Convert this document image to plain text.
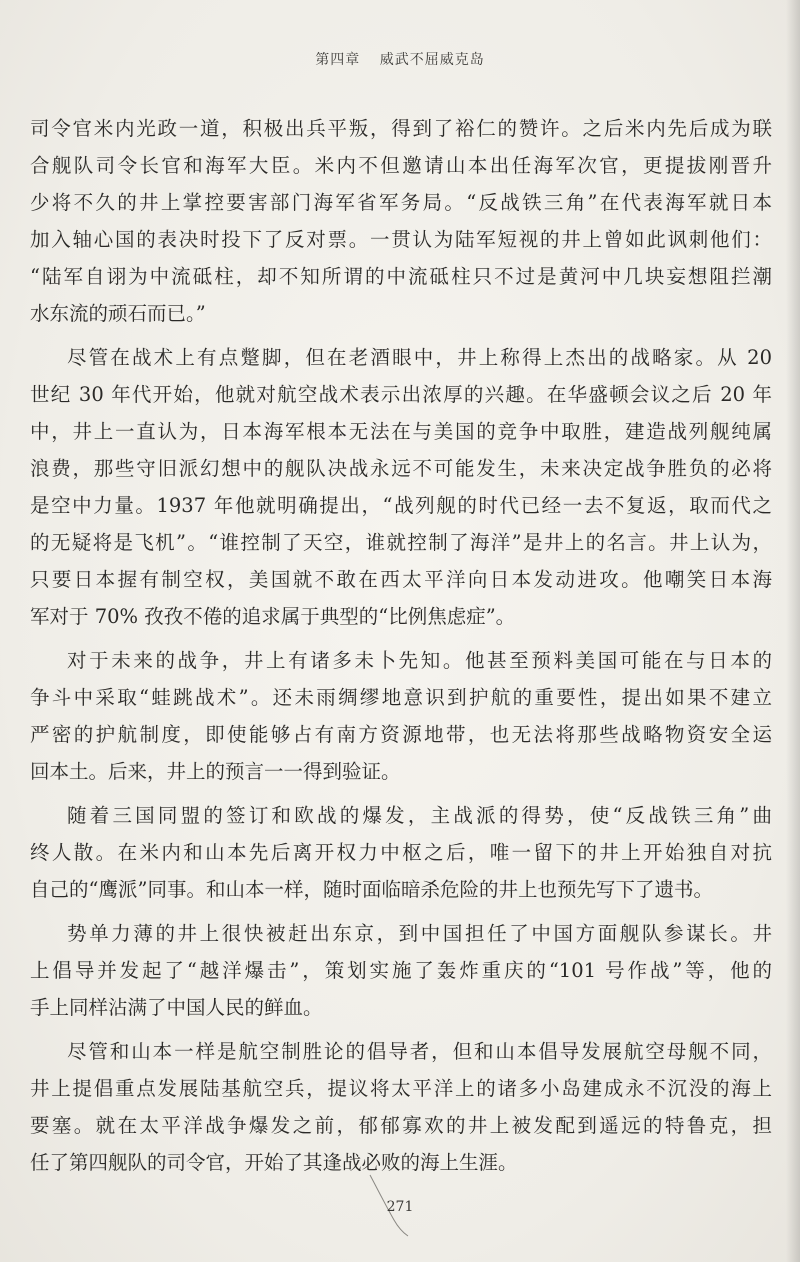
第四章 威武不屈威克岛
司令官米内光政一道，积极出兵平叛，得到了裕仁的赞许。之后米内先后成为联
合舰队司令长官和海军大臣。米内不但邀请山本出任海军次官，更提拔刚晋升
少将不久的井上掌控要害部门海军省军务局。“反战铁三角”在代表海军就日本
加入轴心国的表决时投下了反对票。一贯认为陆军短视的井上曾如此讽刺他们：
“陆军自诩为中流砥柱，却不知所谓的中流砥柱只不过是黄河中几块妄想阻拦潮
水东流的顽石而已。”
尽管在战术上有点蹩脚，但在老酒眼中，井上称得上杰出的战略家。从 20
世纪 30 年代开始，他就对航空战术表示出浓厚的兴趣。在华盛顿会议之后 20 年
中，井上一直认为，日本海军根本无法在与美国的竞争中取胜，建造战列舰纯属
浪费，那些守旧派幻想中的舰队决战永远不可能发生，未来决定战争胜负的必将
是空中力量。1937 年他就明确提出，“战列舰的时代已经一去不复返，取而代之
的无疑将是飞机”。“谁控制了天空，谁就控制了海洋”是井上的名言。井上认为，
只要日本握有制空权，美国就不敢在西太平洋向日本发动进攻。他嘲笑日本海
军对于 70% 孜孜不倦的追求属于典型的“比例焦虑症”。
对于未来的战争，井上有诸多未卜先知。他甚至预料美国可能在与日本的
争斗中采取“蛙跳战术”。还未雨绸缪地意识到护航的重要性，提出如果不建立
严密的护航制度，即使能够占有南方资源地带，也无法将那些战略物资安全运
回本土。后来，井上的预言一一得到验证。
随着三国同盟的签订和欧战的爆发，主战派的得势，使“反战铁三角”曲
终人散。在米内和山本先后离开权力中枢之后，唯一留下的井上开始独自对抗
自己的“鹰派”同事。和山本一样，随时面临暗杀危险的井上也预先写下了遗书。
势单力薄的井上很快被赶出东京，到中国担任了中国方面舰队参谋长。井
上倡导并发起了“越洋爆击”，策划实施了轰炸重庆的“101 号作战”等，他的
手上同样沾满了中国人民的鲜血。
尽管和山本一样是航空制胜论的倡导者，但和山本倡导发展航空母舰不同，
井上提倡重点发展陆基航空兵，提议将太平洋上的诸多小岛建成永不沉没的海上
要塞。就在太平洋战争爆发之前，郁郁寡欢的井上被发配到遥远的特鲁克，担
任了第四舰队的司令官，开始了其逢战必败的海上生涯。
271
